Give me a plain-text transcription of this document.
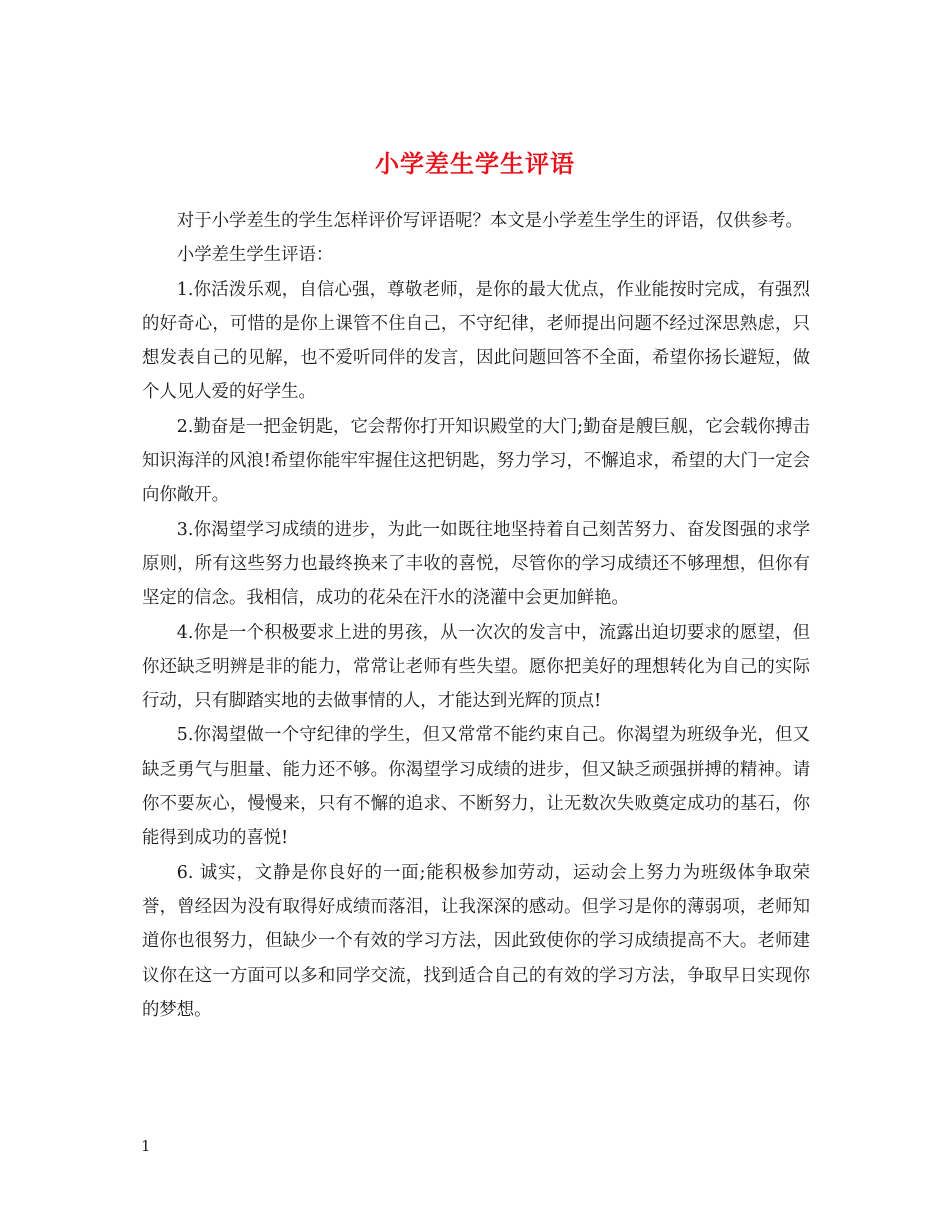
小学差生学生评语

对于小学差生的学生怎样评价写评语呢？本文是小学差生学生的评语，仅供参考。

小学差生学生评语：

1.你活泼乐观，自信心强，尊敬老师，是你的最大优点，作业能按时完成，有强烈的好奇心，可惜的是你上课管不住自己，不守纪律，老师提出问题不经过深思熟虑，只想发表自己的见解，也不爱听同伴的发言，因此问题回答不全面，希望你扬长避短，做个人见人爱的好学生。

2.勤奋是一把金钥匙，它会帮你打开知识殿堂的大门;勤奋是艘巨舰，它会载你搏击知识海洋的风浪!希望你能牢牢握住这把钥匙，努力学习，不懈追求，希望的大门一定会向你敞开。

3.你渴望学习成绩的进步，为此一如既往地坚持着自己刻苦努力、奋发图强的求学原则，所有这些努力也最终换来了丰收的喜悦，尽管你的学习成绩还不够理想，但你有坚定的信念。我相信，成功的花朵在汗水的浇灌中会更加鲜艳。

4.你是一个积极要求上进的男孩，从一次次的发言中，流露出迫切要求的愿望，但你还缺乏明辨是非的能力，常常让老师有些失望。愿你把美好的理想转化为自己的实际行动，只有脚踏实地的去做事情的人，才能达到光辉的顶点!

5.你渴望做一个守纪律的学生，但又常常不能约束自己。你渴望为班级争光，但又缺乏勇气与胆量、能力还不够。你渴望学习成绩的进步，但又缺乏顽强拼搏的精神。请你不要灰心，慢慢来，只有不懈的追求、不断努力，让无数次失败奠定成功的基石，你能得到成功的喜悦!

6. 诚实，文静是你良好的一面;能积极参加劳动，运动会上努力为班级体争取荣誉，曾经因为没有取得好成绩而落泪，让我深深的感动。但学习是你的薄弱项，老师知道你也很努力，但缺少一个有效的学习方法，因此致使你的学习成绩提高不大。老师建议你在这一方面可以多和同学交流，找到适合自己的有效的学习方法，争取早日实现你的梦想。

1
